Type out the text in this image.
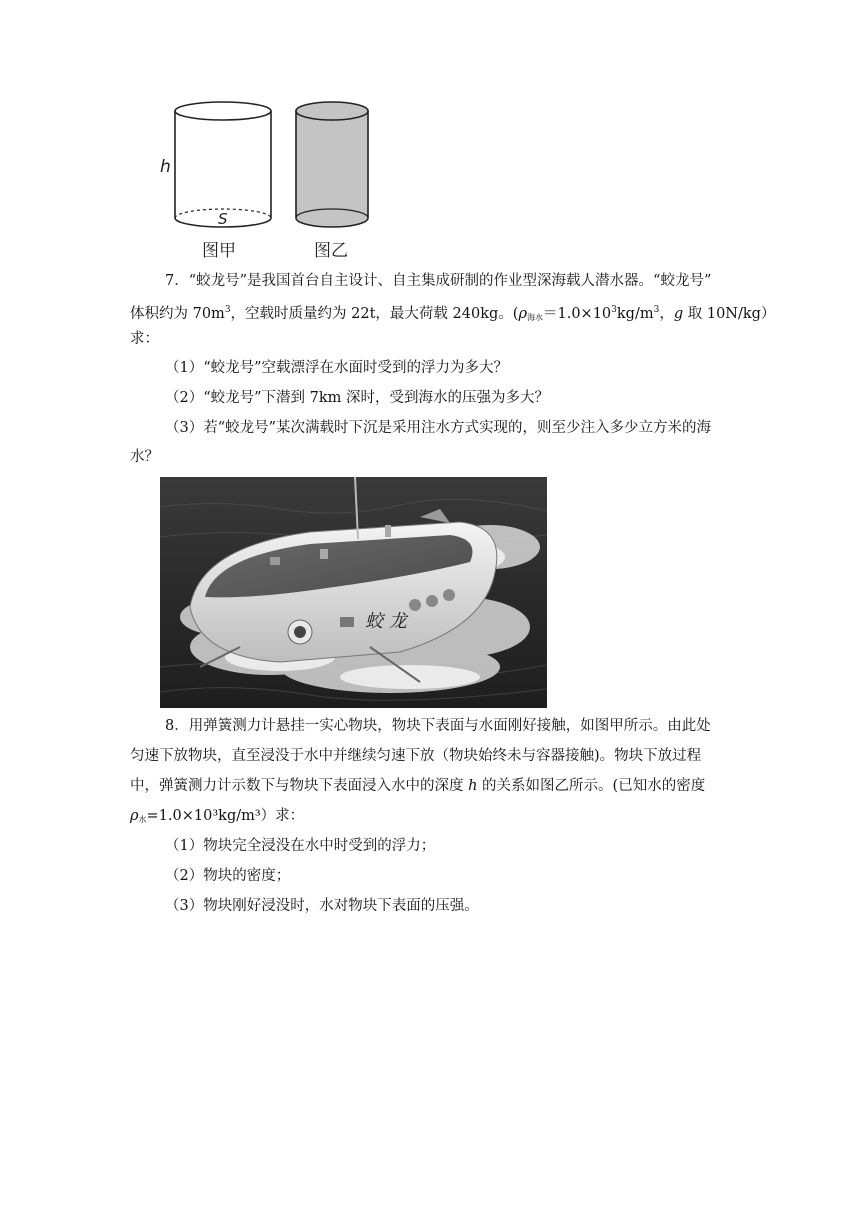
h
S
图甲	图乙
7．“蛟龙号”是我国首台自主设计、自主集成研制的作业型深海载人潜水器。“蛟龙号”
体积约为 $70m^3$，空载时质量约为 22t，最大荷载 240kg。($\rho_{海水}=1.0\times 10^3kg/m^3$，g 取 10N/kg）
求：
（1）“蛟龙号”空载漂浮在水面时受到的浮力为多大？
（2）“蛟龙号”下潜到 7km 深时，受到海水的压强为多大？
（3）若“蛟龙号”某次满载时下沉是采用注水方式实现的，则至少注入多少立方米的海
水？
蛟 龙
8．用弹簧测力计悬挂一实心物块，物块下表面与水面刚好接触，如图甲所示。由此处
匀速下放物块，直至浸没于水中并继续匀速下放（物块始终未与容器接触)。物块下放过程
中，弹簧测力计示数下与物块下表面浸入水中的深度 h 的关系如图乙所示。(已知水的密度
$\rho_水=1.0\times 10^3kg/m^3$）求：
（1）物块完全浸没在水中时受到的浮力；
（2）物块的密度；
（3）物块刚好浸没时，水对物块下表面的压强。
